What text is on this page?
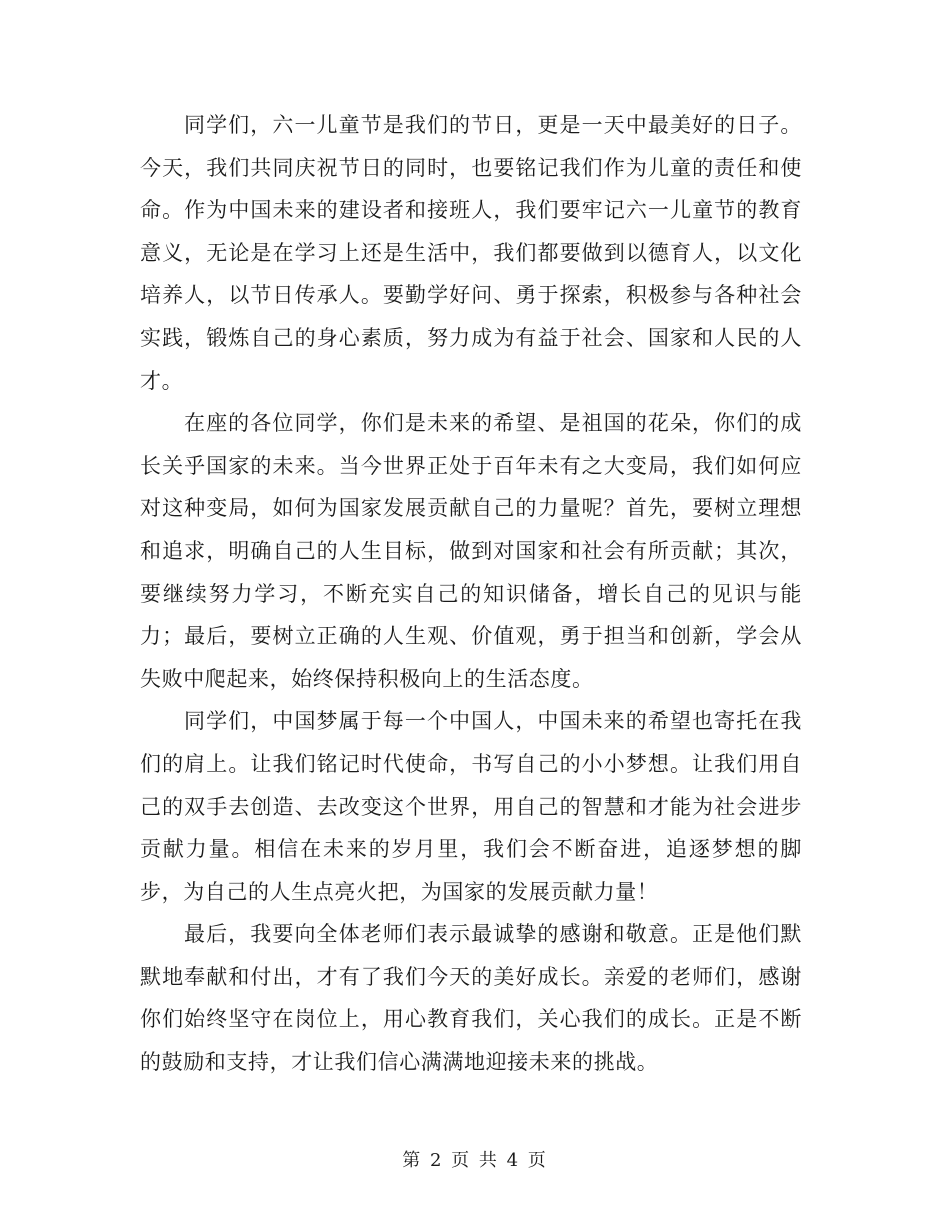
同学们，六一儿童节是我们的节日，更是一天中最美好的日子。今天，我们共同庆祝节日的同时，也要铭记我们作为儿童的责任和使命。作为中国未来的建设者和接班人，我们要牢记六一儿童节的教育意义，无论是在学习上还是生活中，我们都要做到以德育人，以文化培养人，以节日传承人。要勤学好问、勇于探索，积极参与各种社会实践，锻炼自己的身心素质，努力成为有益于社会、国家和人民的人才。

在座的各位同学，你们是未来的希望、是祖国的花朵，你们的成长关乎国家的未来。当今世界正处于百年未有之大变局，我们如何应对这种变局，如何为国家发展贡献自己的力量呢？首先，要树立理想和追求，明确自己的人生目标，做到对国家和社会有所贡献；其次，要继续努力学习，不断充实自己的知识储备，增长自己的见识与能力；最后，要树立正确的人生观、价值观，勇于担当和创新，学会从失败中爬起来，始终保持积极向上的生活态度。

同学们，中国梦属于每一个中国人，中国未来的希望也寄托在我们的肩上。让我们铭记时代使命，书写自己的小小梦想。让我们用自己的双手去创造、去改变这个世界，用自己的智慧和才能为社会进步贡献力量。相信在未来的岁月里，我们会不断奋进，追逐梦想的脚步，为自己的人生点亮火把，为国家的发展贡献力量！

最后，我要向全体老师们表示最诚挚的感谢和敬意。正是他们默默地奉献和付出，才有了我们今天的美好成长。亲爱的老师们，感谢你们始终坚守在岗位上，用心教育我们，关心我们的成长。正是不断的鼓励和支持，才让我们信心满满地迎接未来的挑战。

第 2 页 共 4 页
